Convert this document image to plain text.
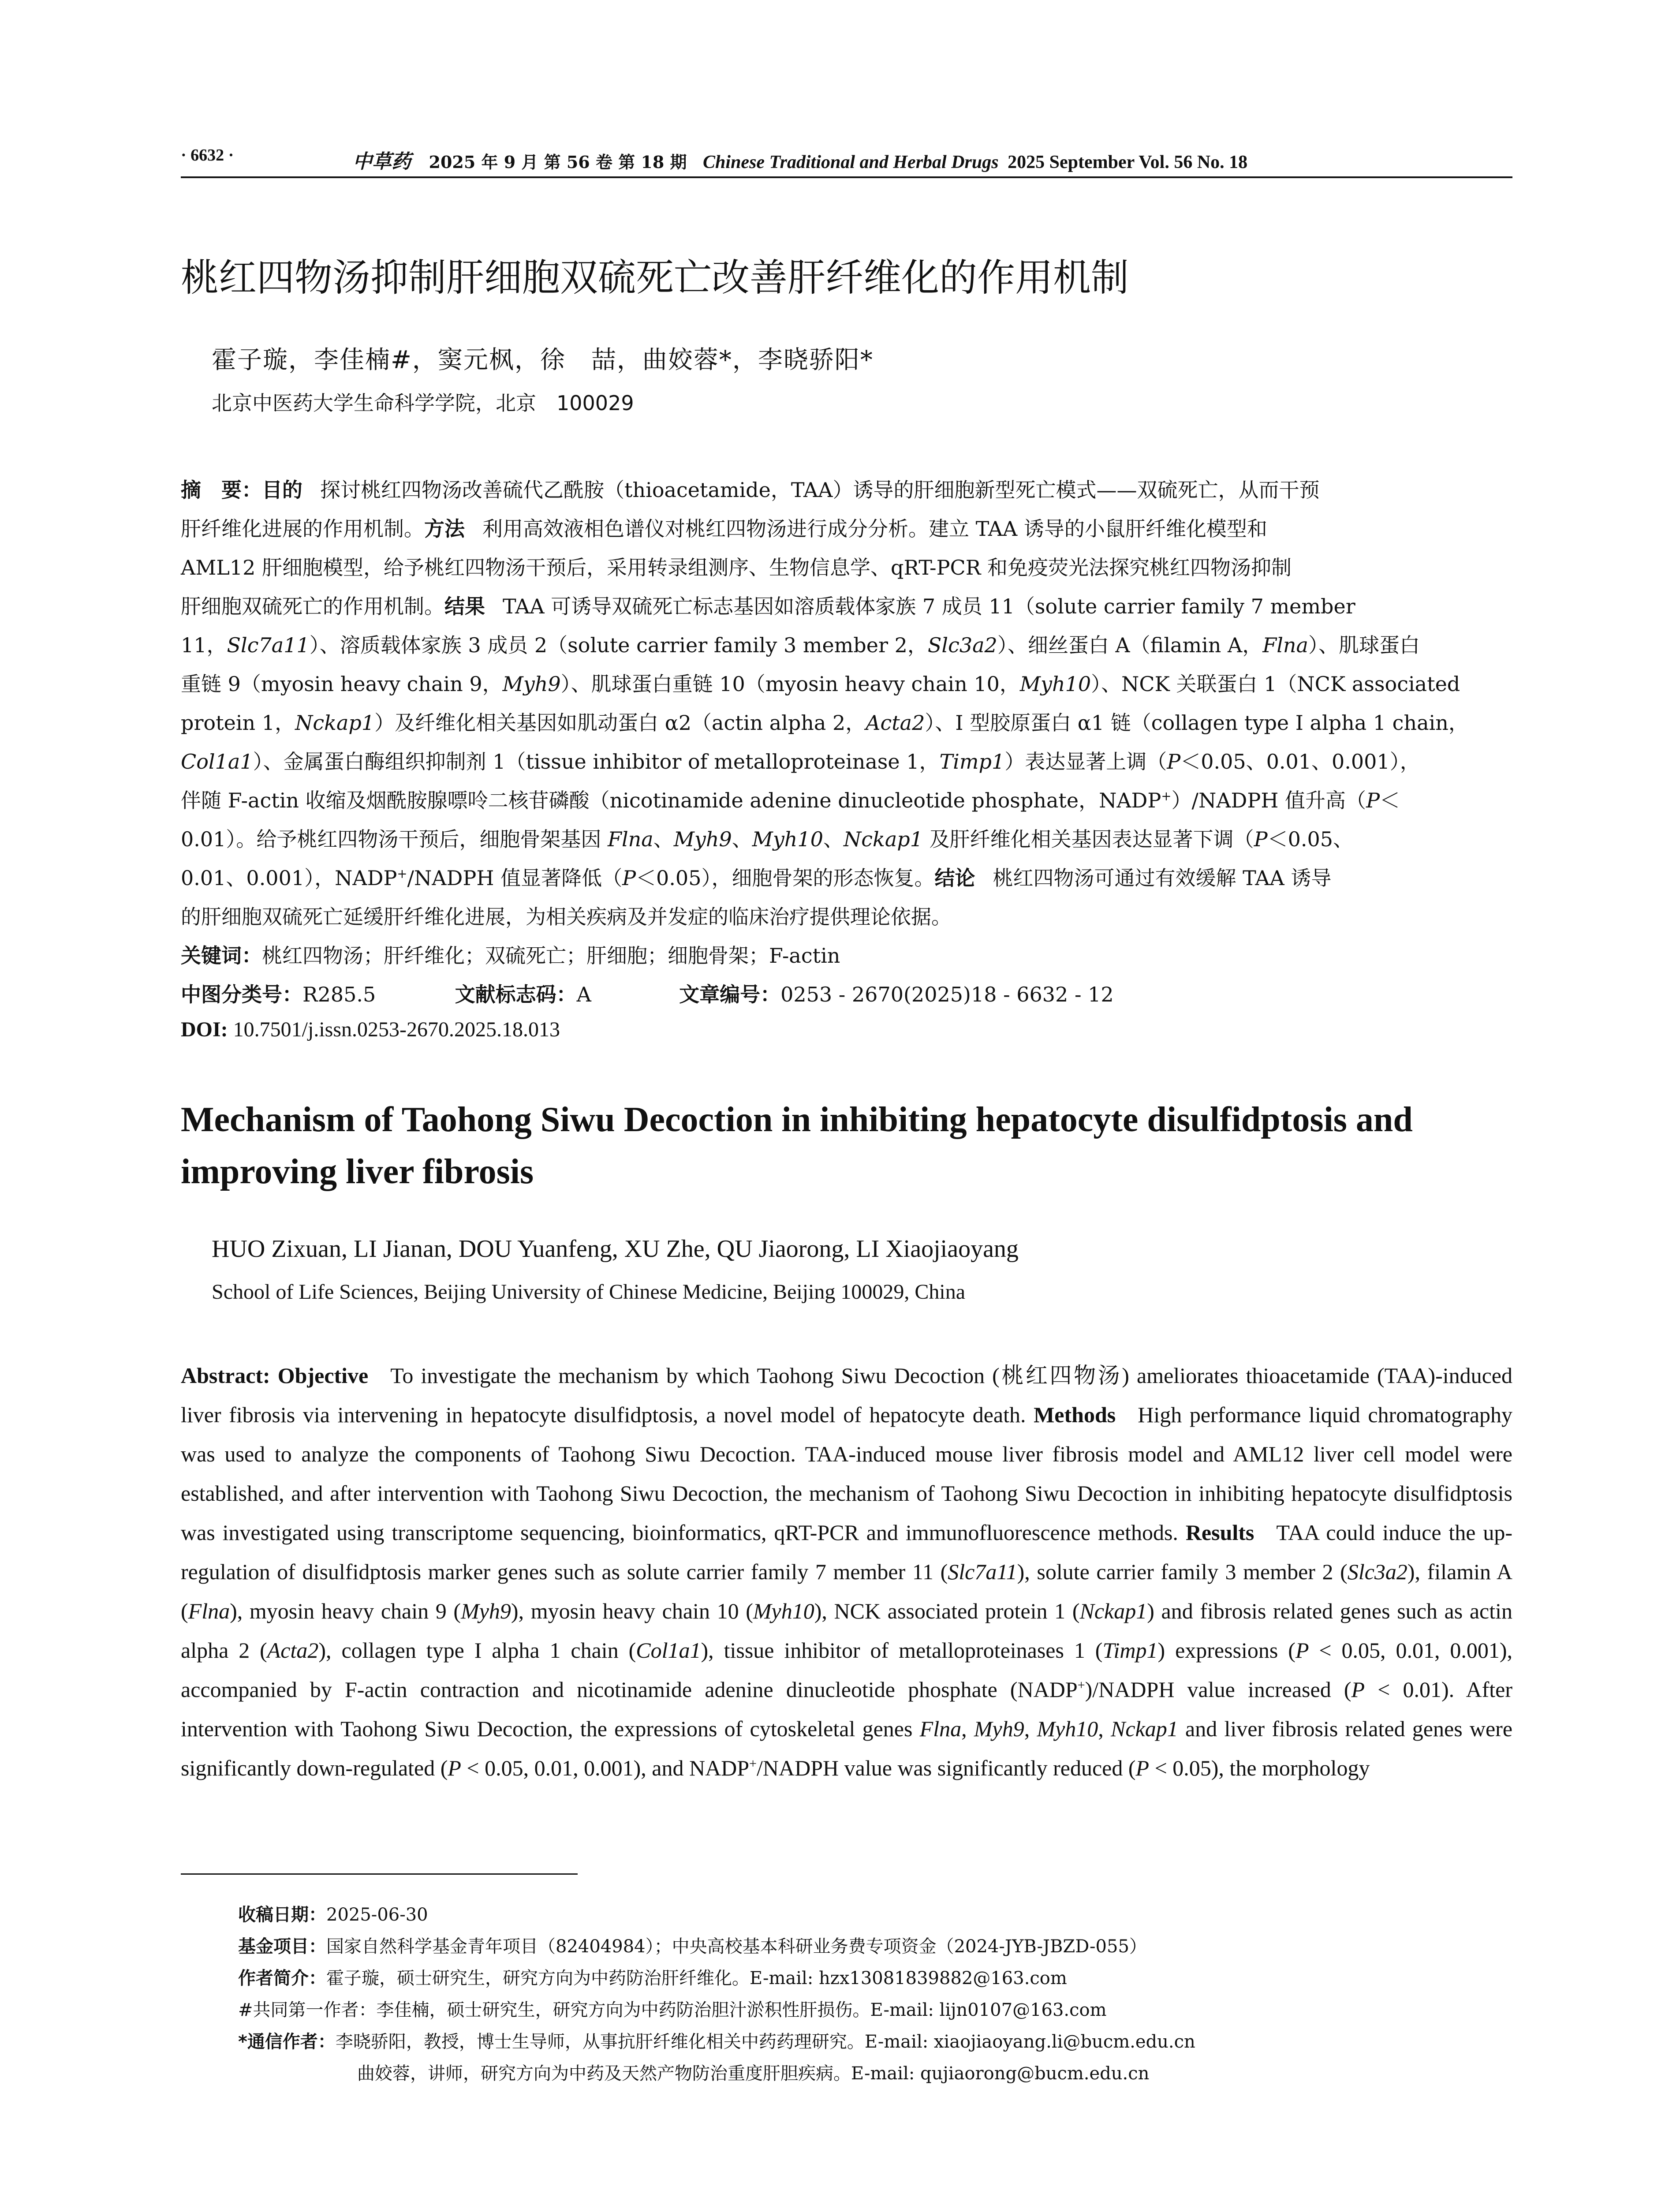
· 6632 ·	中草药 2025 年 9 月 第 56 卷 第 18 期 Chinese Traditional and Herbal Drugs 2025 September Vol. 56 No. 18
桃红四物汤抑制肝细胞双硫死亡改善肝纤维化的作用机制
霍子璇，李佳楠#，窦元枫，徐　喆，曲姣蓉*，李晓骄阳*
北京中医药大学生命科学学院，北京　100029
摘　要：目的 探讨桃红四物汤改善硫代乙酰胺（thioacetamide，TAA）诱导的肝细胞新型死亡模式——双硫死亡，从而干预
肝纤维化进展的作用机制。方法 利用高效液相色谱仪对桃红四物汤进行成分分析。建立 TAA 诱导的小鼠肝纤维化模型和
AML12 肝细胞模型，给予桃红四物汤干预后，采用转录组测序、生物信息学、qRT-PCR 和免疫荧光法探究桃红四物汤抑制
肝细胞双硫死亡的作用机制。结果 TAA 可诱导双硫死亡标志基因如溶质载体家族 7 成员 11（solute carrier family 7 member
11，Slc7a11）、溶质载体家族 3 成员 2（solute carrier family 3 member 2，Slc3a2）、细丝蛋白 A（filamin A，Flna）、肌球蛋白
重链 9（myosin heavy chain 9，Myh9）、肌球蛋白重链 10（myosin heavy chain 10，Myh10）、NCK 关联蛋白 1（NCK associated
protein 1，Nckap1）及纤维化相关基因如肌动蛋白 α2（actin alpha 2，Acta2）、I 型胶原蛋白 α1 链（collagen type I alpha 1 chain，
Col1a1）、金属蛋白酶组织抑制剂 1（tissue inhibitor of metalloproteinase 1，Timp1）表达显著上调（P＜0.05、0.01、0.001），
伴随 F-actin 收缩及烟酰胺腺嘌呤二核苷磷酸（nicotinamide adenine dinucleotide phosphate，NADP+）/NADPH 值升高（P＜
0.01）。给予桃红四物汤干预后，细胞骨架基因 Flna、Myh9、Myh10、Nckap1 及肝纤维化相关基因表达显著下调（P＜0.05、
0.01、0.001），NADP+/NADPH 值显著降低（P＜0.05），细胞骨架的形态恢复。结论 桃红四物汤可通过有效缓解 TAA 诱导
的肝细胞双硫死亡延缓肝纤维化进展，为相关疾病及并发症的临床治疗提供理论依据。
关键词：桃红四物汤；肝纤维化；双硫死亡；肝细胞；细胞骨架；F-actin
中图分类号：R285.5	文献标志码：A	文章编号：0253 - 2670(2025)18 - 6632 - 12
DOI: 10.7501/j.issn.0253-2670.2025.18.013
Mechanism of Taohong Siwu Decoction in inhibiting hepatocyte disulfidptosis and improving liver fibrosis
HUO Zixuan, LI Jianan, DOU Yuanfeng, XU Zhe, QU Jiaorong, LI Xiaojiaoyang
School of Life Sciences, Beijing University of Chinese Medicine, Beijing 100029, China
Abstract: Objective  To investigate the mechanism by which Taohong Siwu Decoction (桃红四物汤) ameliorates thioacetamide (TAA)-induced liver fibrosis via intervening in hepatocyte disulfidptosis, a novel model of hepatocyte death. Methods  High performance liquid chromatography was used to analyze the components of Taohong Siwu Decoction. TAA-induced mouse liver fibrosis model and AML12 liver cell model were established, and after intervention with Taohong Siwu Decoction, the mechanism of Taohong Siwu Decoction in inhibiting hepatocyte disulfidptosis was investigated using transcriptome sequencing, bioinformatics, qRT-PCR and immunofluorescence methods. Results  TAA could induce the up-regulation of disulfidptosis marker genes such as solute carrier family 7 member 11 (Slc7a11), solute carrier family 3 member 2 (Slc3a2), filamin A (Flna), myosin heavy chain 9 (Myh9), myosin heavy chain 10 (Myh10), NCK associated protein 1 (Nckap1) and fibrosis related genes such as actin alpha 2 (Acta2), collagen type I alpha 1 chain (Col1a1), tissue inhibitor of metalloproteinases 1 (Timp1) expressions (P < 0.05, 0.01, 0.001), accompanied by F-actin contraction and nicotinamide adenine dinucleotide phosphate (NADP+)/NADPH value increased (P < 0.01). After intervention with Taohong Siwu Decoction, the expressions of cytoskeletal genes Flna, Myh9, Myh10, Nckap1 and liver fibrosis related genes were significantly down-regulated (P < 0.05, 0.01, 0.001), and NADP+/NADPH value was significantly reduced (P < 0.05), the morphology
收稿日期：2025-06-30
基金项目：国家自然科学基金青年项目（82404984）；中央高校基本科研业务费专项资金（2024-JYB-JBZD-055）
作者简介：霍子璇，硕士研究生，研究方向为中药防治肝纤维化。E-mail: hzx13081839882@163.com
#共同第一作者：李佳楠，硕士研究生，研究方向为中药防治胆汁淤积性肝损伤。E-mail: lijn0107@163.com
*通信作者：李晓骄阳，教授，博士生导师，从事抗肝纤维化相关中药药理研究。E-mail: xiaojiaoyang.li@bucm.edu.cn
曲姣蓉，讲师，研究方向为中药及天然产物防治重度肝胆疾病。E-mail: qujiaorong@bucm.edu.cn
